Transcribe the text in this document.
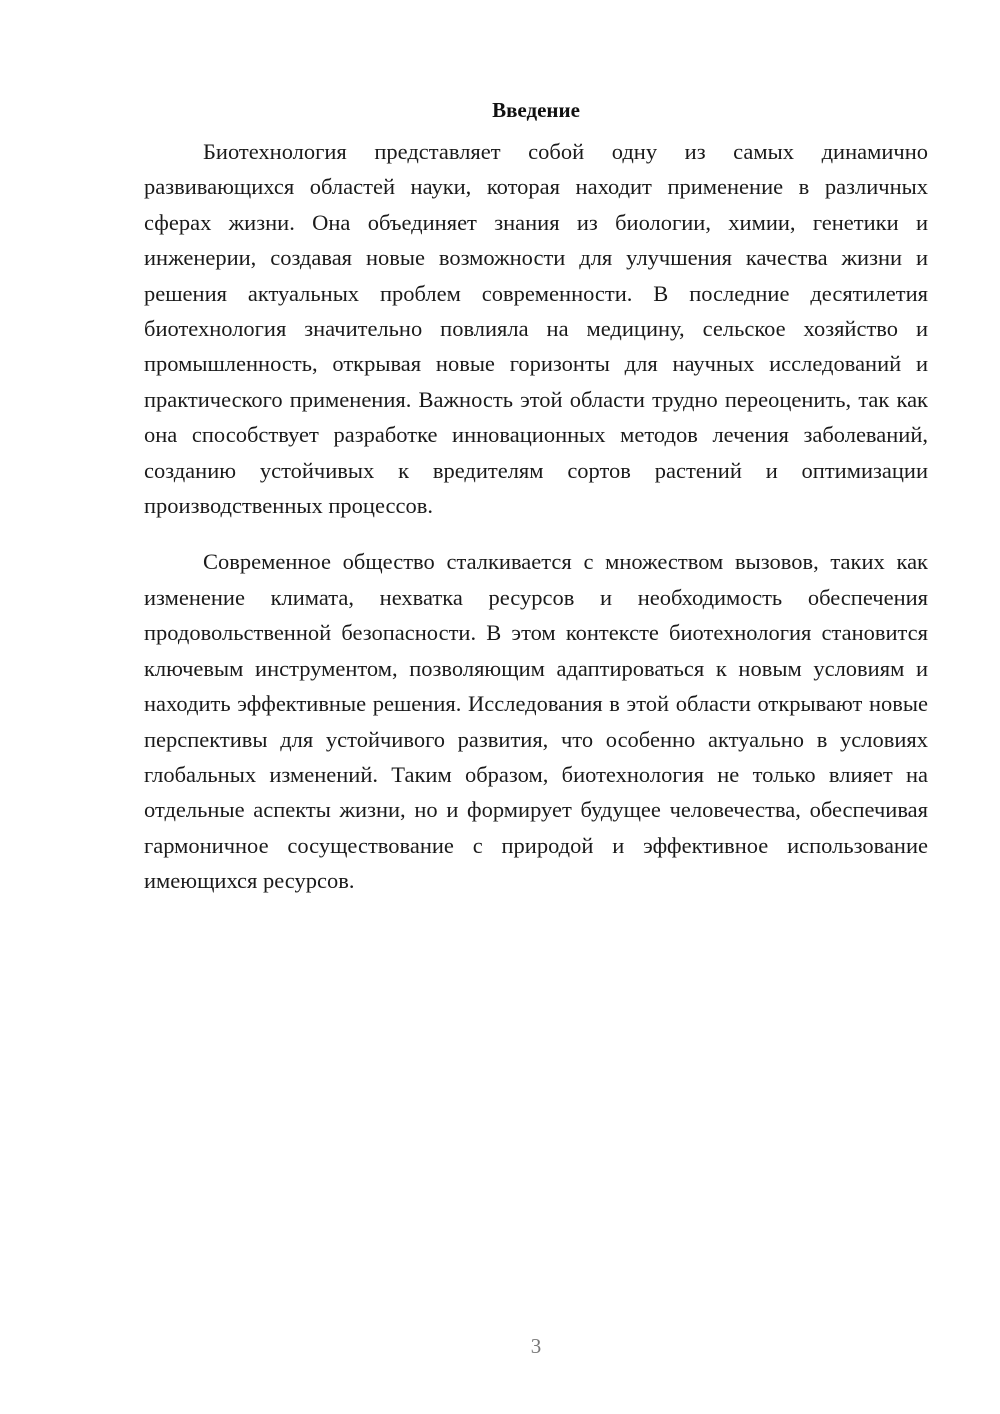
Введение

Биотехнология представляет собой одну из самых динамично развивающихся областей науки, которая находит применение в различных сферах жизни. Она объединяет знания из биологии, химии, генетики и инженерии, создавая новые возможности для улучшения качества жизни и решения актуальных проблем современности. В последние десятилетия биотехнология значительно повлияла на медицину, сельское хозяйство и промышленность, открывая новые горизонты для научных исследований и практического применения. Важность этой области трудно переоценить, так как она способствует разработке инновационных методов лечения заболеваний, созданию устойчивых к вредителям сортов растений и оптимизации производственных процессов.

Современное общество сталкивается с множеством вызовов, таких как изменение климата, нехватка ресурсов и необходимость обеспечения продовольственной безопасности. В этом контексте биотехнология становится ключевым инструментом, позволяющим адаптироваться к новым условиям и находить эффективные решения. Исследования в этой области открывают новые перспективы для устойчивого развития, что особенно актуально в условиях глобальных изменений. Таким образом, биотехнология не только влияет на отдельные аспекты жизни, но и формирует будущее человечества, обеспечивая гармоничное сосуществование с природой и эффективное использование имеющихся ресурсов.

3
